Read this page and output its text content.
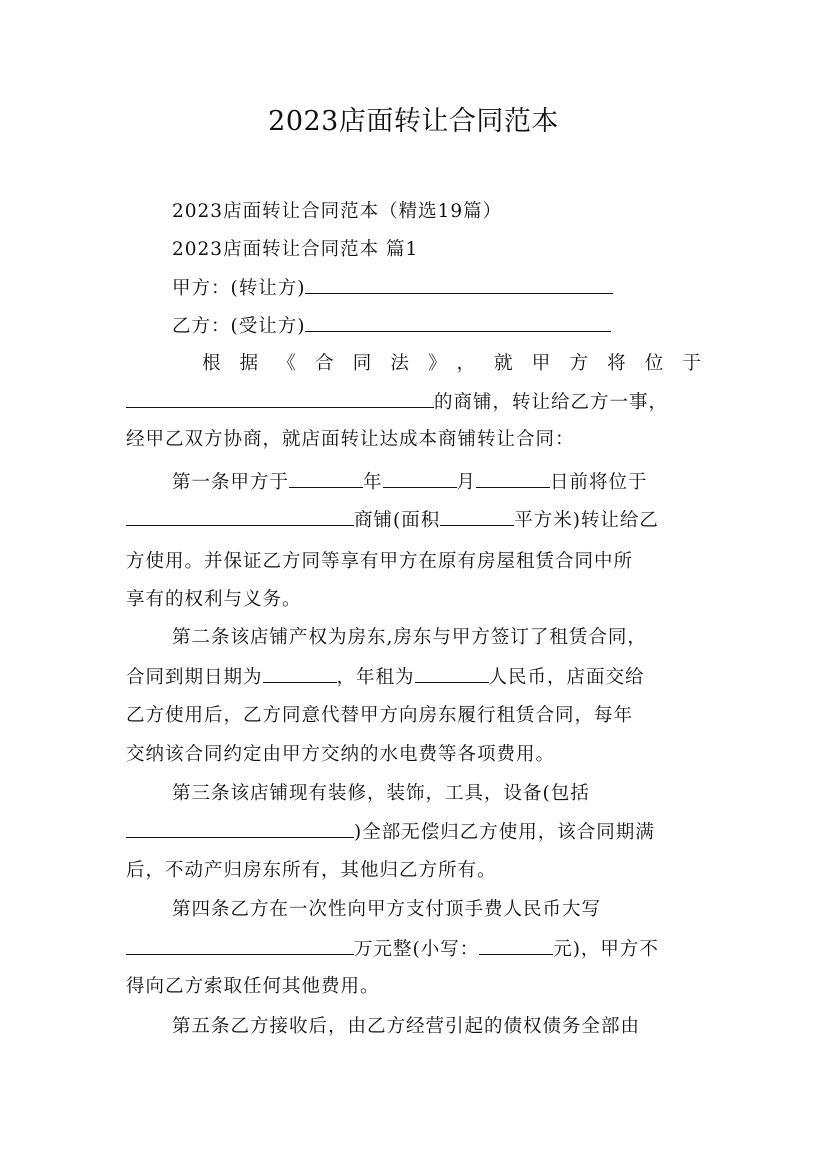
2023店面转让合同范本
2023店面转让合同范本（精选19篇）
2023店面转让合同范本 篇1
甲方：(转让方)
乙方：(受让方)
根据《合同法》，就甲方将位于
的商铺，转让给乙方一事，
经甲乙双方协商，就店面转让达成本商铺转让合同：
第一条甲方于	年	月	日前将位于
商铺(面积	平方米)转让给乙
方使用。并保证乙方同等享有甲方在原有房屋租赁合同中所
享有的权利与义务。
第二条该店铺产权为房东,房东与甲方签订了租赁合同，
合同到期日期为	，年租为	人民币，店面交给
乙方使用后，乙方同意代替甲方向房东履行租赁合同，每年
交纳该合同约定由甲方交纳的水电费等各项费用。
第三条该店铺现有装修，装饰，工具，设备(包括
)全部无偿归乙方使用，该合同期满
后，不动产归房东所有，其他归乙方所有。
第四条乙方在一次性向甲方支付顶手费人民币大写
万元整(小写：	元)，甲方不
得向乙方索取任何其他费用。
第五条乙方接收后，由乙方经营引起的债权债务全部由
